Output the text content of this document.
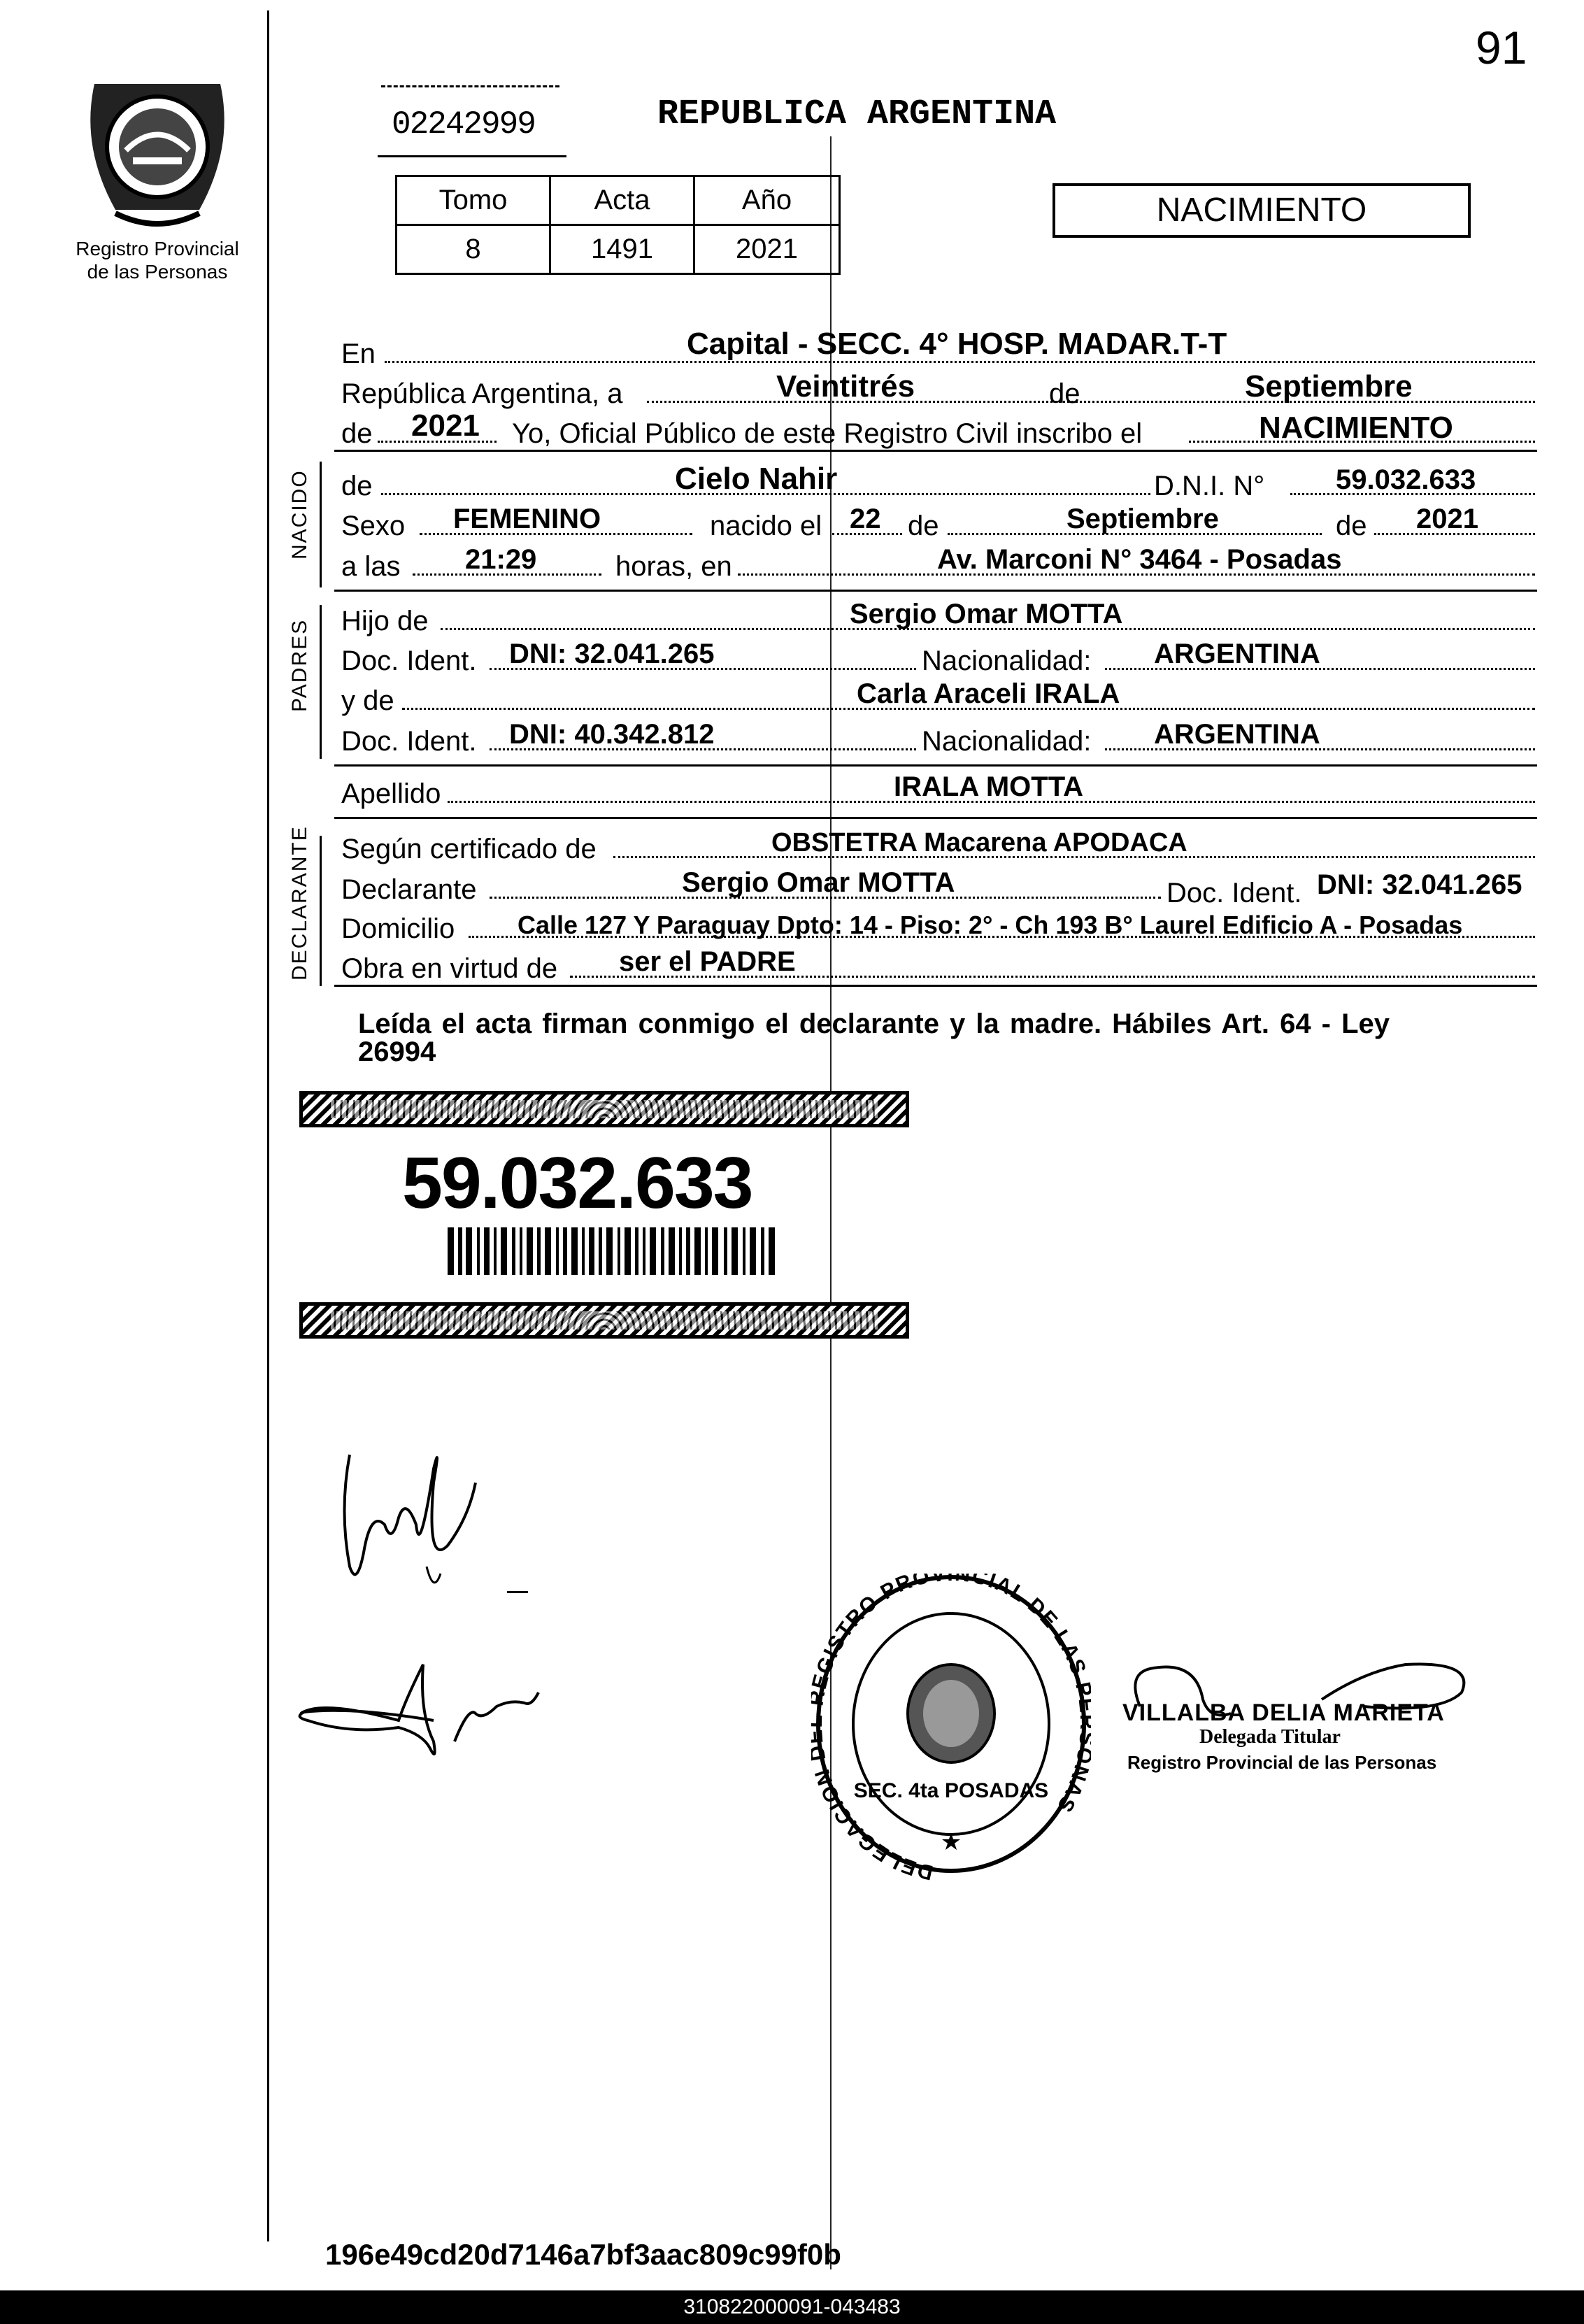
91
Registro Provincial
de las Personas
02242999	REPUBLICA ARGENTINA
Tomo	Acta	Año
8	1491	2021
NACIMIENTO
En	Capital - SECC. 4° HOSP. MADAR.T-T
República Argentina, a	Veintitrés	de	Septiembre
de 2021 Yo, Oficial Público de este Registro Civil inscribo el	NACIMIENTO
NACIDO de	Cielo Nahir	D.N.I. N°	59.032.633
Sexo FEMENINO	nacido el 22 de	Septiembre	de 2021
a las 21:29	horas, en	Av. Marconi N° 3464 - Posadas
PADRES Hijo de	Sergio Omar MOTTA
Doc. Ident. DNI: 32.041.265	Nacionalidad: ARGENTINA
y de	Carla Araceli IRALA
Doc. Ident. DNI: 40.342.812	Nacionalidad: ARGENTINA
Apellido	IRALA MOTTA
DECLARANTE Según certificado de	OBSTETRA Macarena APODACA
Declarante	Sergio Omar MOTTA	Doc. Ident. DNI: 32.041.265
Domicilio Calle 127 Y Paraguay Dpto: 14 - Piso: 2° - Ch 193 B° Laurel Edificio A - Posadas
Obra en virtud de ser el PADRE
Leída el acta firman conmigo el declarante y la madre. Hábiles Art. 64 - Ley
26994
59.032.633
DELEGACION GISTRO PROVINCIAL DE LAS NAS
SEC. 4ta POSADAS
★
VILLALBA DELIA MARIETA
Delegada Titular
Registro Provincial de las Personas
196e49cd20d7146a7bf3aac809c99f0b
310822000091-043483
